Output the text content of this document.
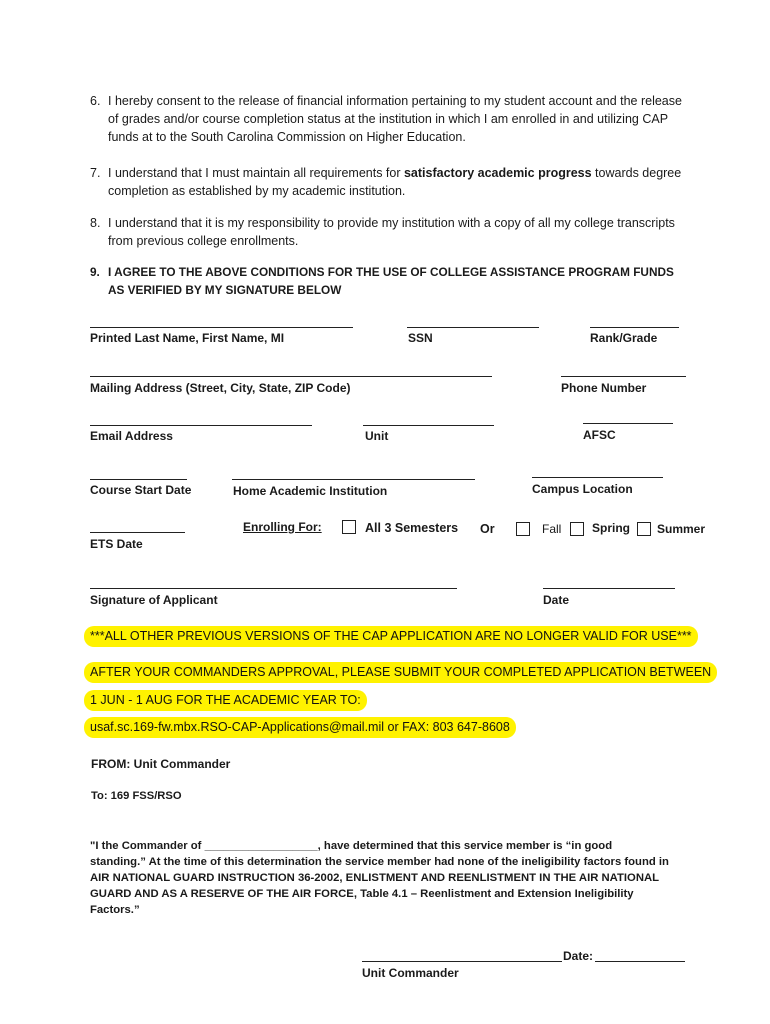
6. I hereby consent to the release of financial information pertaining to my student account and the release of grades and/or course completion status at the institution in which I am enrolled in and utilizing CAP funds at to the South Carolina Commission on Higher Education.
7. I understand that I must maintain all requirements for satisfactory academic progress towards degree completion as established by my academic institution.
8. I understand that it is my responsibility to provide my institution with a copy of all my college transcripts from previous college enrollments.
9. I AGREE TO THE ABOVE CONDITIONS FOR THE USE OF COLLEGE ASSISTANCE PROGRAM FUNDS AS VERIFIED BY MY SIGNATURE BELOW
Printed Last Name, First Name, MI	SSN	Rank/Grade
Mailing Address (Street, City, State, ZIP Code)	Phone Number
Email Address	Unit	AFSC
Course Start Date	Home Academic Institution	Campus Location
ETS Date
Enrolling For:	All 3 Semesters Or	Fall	Spring Summer
Signature of Applicant	Date
***ALL OTHER PREVIOUS VERSIONS OF THE CAP APPLICATION ARE NO LONGER VALID FOR USE***
AFTER YOUR COMMANDERS APPROVAL, PLEASE SUBMIT YOUR COMPLETED APPLICATION BETWEEN
1 JUN - 1 AUG FOR THE ACADEMIC YEAR TO:
usaf.sc.169-fw.mbx.RSO-CAP-Applications@mail.mil or FAX: 803 647-8608
FROM: Unit Commander
To: 169 FSS/RSO
"I the Commander of __________________, have determined that this service member is “in good standing.” At the time of this determination the service member had none of the ineligibility factors found in AIR NATIONAL GUARD INSTRUCTION 36-2002, ENLISTMENT AND REENLISTMENT IN THE AIR NATIONAL GUARD AND AS A RESERVE OF THE AIR FORCE, Table 4.1 – Reenlistment and Extension Ineligibility Factors.”
Date:
Unit Commander
